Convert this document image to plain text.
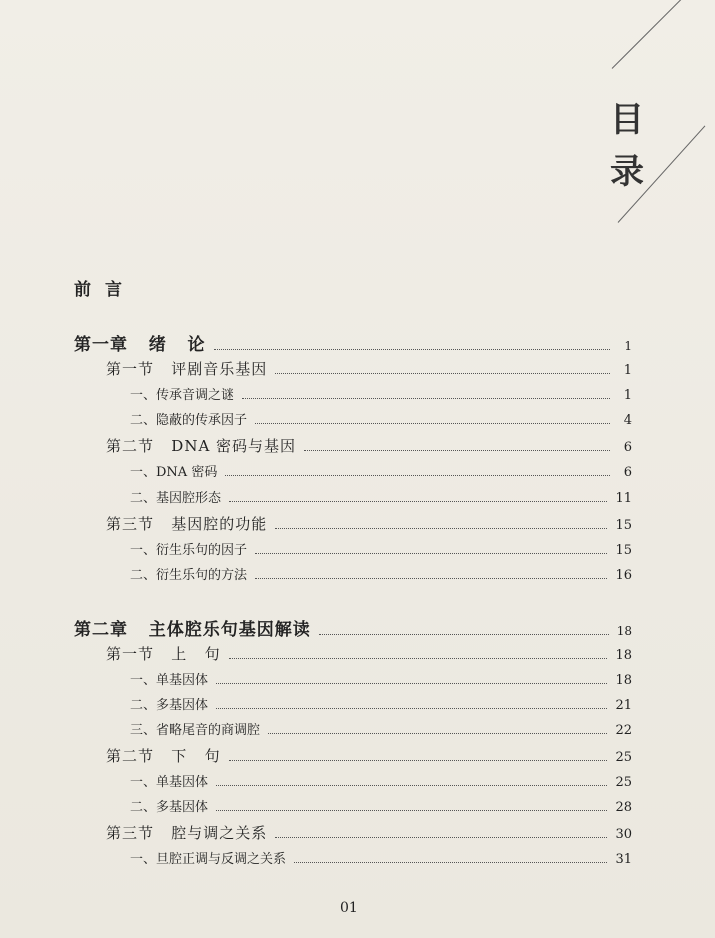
目
录
前言
第一章   绪   论	1
第一节   评剧音乐基因	1
一、传承音调之谜	1
二、隐蔽的传承因子	4
第二节   DNA 密码与基因	6
一、DNA 密码	6
二、基因腔形态	11
第三节   基因腔的功能	15
一、衍生乐句的因子	15
二、衍生乐句的方法	16
第二章   主体腔乐句基因解读	18
第一节   上   句	18
一、单基因体	18
二、多基因体	21
三、省略尾音的商调腔	22
第二节   下   句	25
一、单基因体	25
二、多基因体	28
第三节   腔与调之关系	30
一、旦腔正调与反调之关系	31
01
